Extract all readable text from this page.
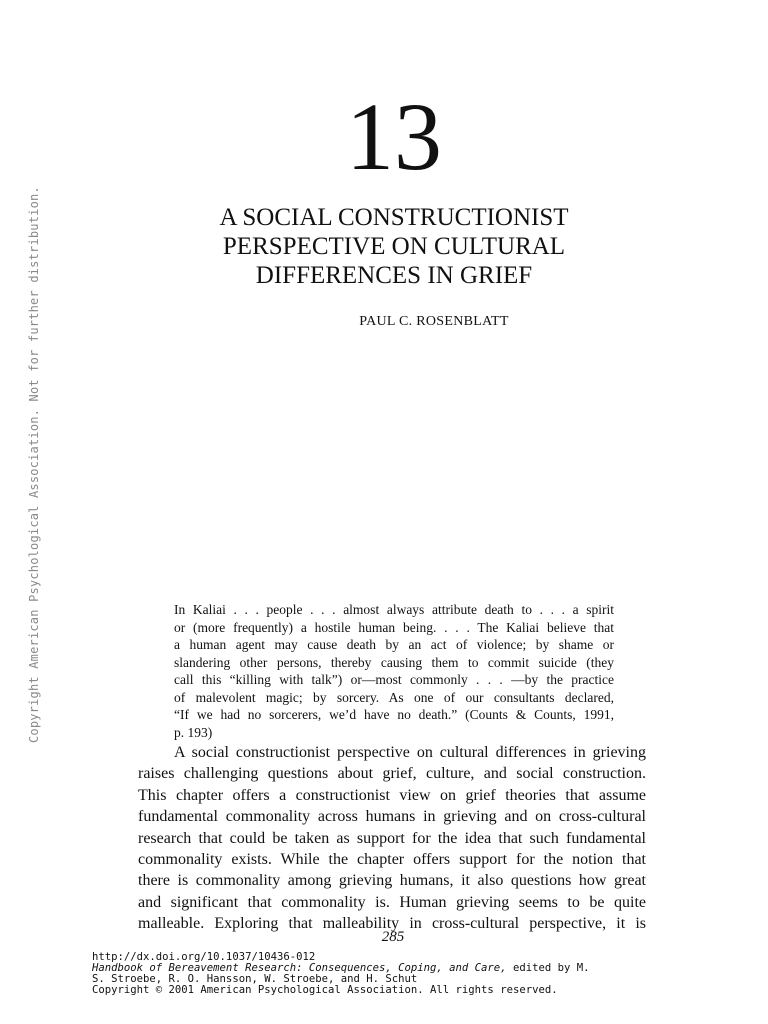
Copyright American Psychological Association. Not for further distribution.
13
A SOCIAL CONSTRUCTIONIST
PERSPECTIVE ON CULTURAL
DIFFERENCES IN GRIEF
PAUL C. ROSENBLATT
In Kaliai . . . people . . . almost always attribute death to . . . a spirit
or (more frequently) a hostile human being. . . . The Kaliai believe that
a human agent may cause death by an act of violence; by shame or
slandering other persons, thereby causing them to commit suicide (they
call this “killing with talk”) or—most commonly . . . —by the practice
of malevolent magic; by sorcery. As one of our consultants declared,
“If we had no sorcerers, we’d have no death.” (Counts & Counts, 1991,
p. 193)

A social constructionist perspective on cultural differences in grieving
raises challenging questions about grief, culture, and social construction.
This chapter offers a constructionist view on grief theories that assume
fundamental commonality across humans in grieving and on cross-cultural
research that could be taken as support for the idea that such fundamental
commonality exists. While the chapter offers support for the notion that
there is commonality among grieving humans, it also questions how great
and significant that commonality is. Human grieving seems to be quite
malleable. Exploring that malleability in cross-cultural perspective, it is

285
http://dx.doi.org/10.1037/10436-012
Handbook of Bereavement Research: Consequences, Coping, and Care, edited by M.
S. Stroebe, R. O. Hansson, W. Stroebe, and H. Schut
Copyright © 2001 American Psychological Association. All rights reserved.
